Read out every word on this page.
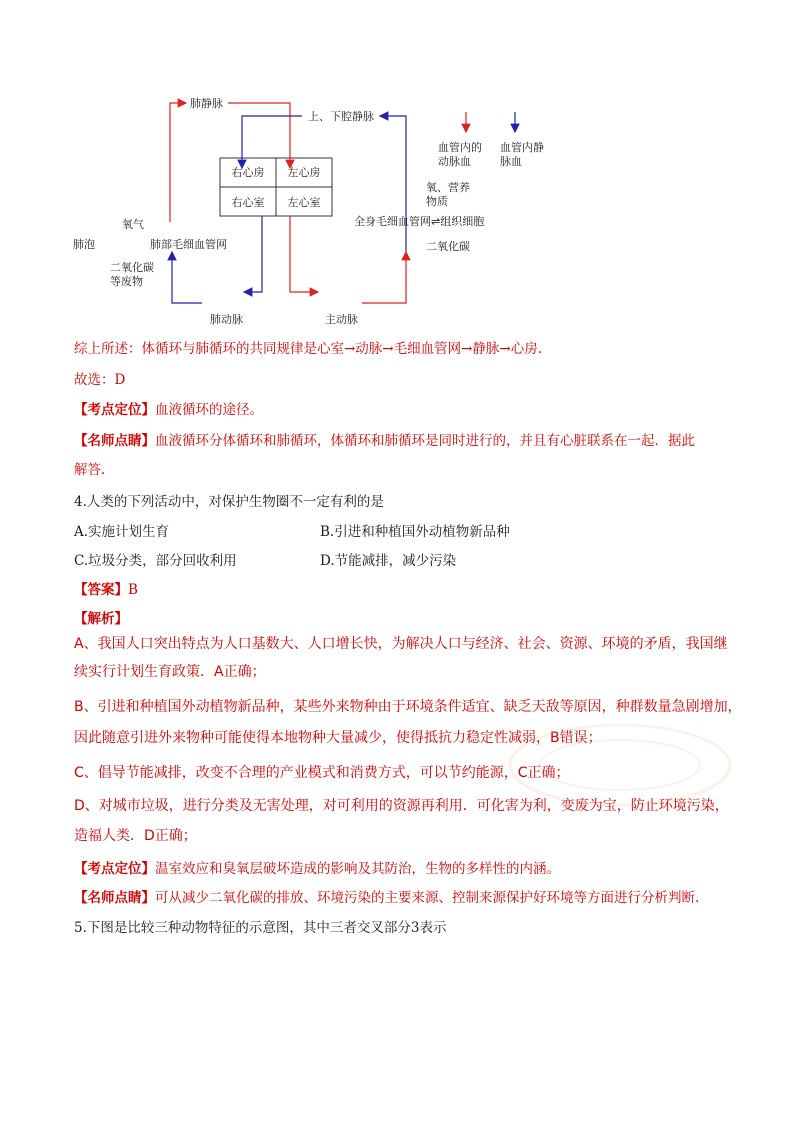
肺静脉
上、下腔静脉
右心房	左心房
右心室	左心室
氧气
肺泡	肺部毛细血管网
二氧化碳
等废物
肺动脉	主动脉
血管内的
动脉血
血管内静
脉血
氧、营养
物质
全身毛细血管网⇌组织细胞
二氧化碳
综上所述：体循环与肺循环的共同规律是心室→动脉→毛细血管网→静脉→心房.
故选：D
【考点定位】血液循环的途径。
【名师点睛】血液循环分体循环和肺循环，体循环和肺循环是同时进行的，并且有心脏联系在一起．据此
解答.
4.人类的下列活动中，对保护生物圈不一定有利的是
A.实施计划生育	B.引进和种植国外动植物新品种
C.垃圾分类，部分回收利用	D.节能减排，减少污染
【答案】B
【解析】
A、我国人口突出特点为人口基数大、人口增长快，为解决人口与经济、社会、资源、环境的矛盾，我国继
续实行计划生育政策．A正确；
B、引进和种植国外动植物新品种，某些外来物种由于环境条件适宜、缺乏天敌等原因，种群数量急剧增加，
因此随意引进外来物种可能使得本地物种大量减少，使得抵抗力稳定性减弱，B错误；
C、倡导节能减排，改变不合理的产业模式和消费方式，可以节约能源，C正确；
D、对城市垃圾，进行分类及无害处理，对可利用的资源再利用．可化害为利，变废为宝，防止环境污染，
造福人类．D正确；
【考点定位】温室效应和臭氧层破坏造成的影响及其防治，生物的多样性的内涵。
【名师点睛】可从减少二氧化碳的排放、环境污染的主要来源、控制来源保护好环境等方面进行分析判断.
5.下图是比较三种动物特征的示意图，其中三者交叉部分3表示
